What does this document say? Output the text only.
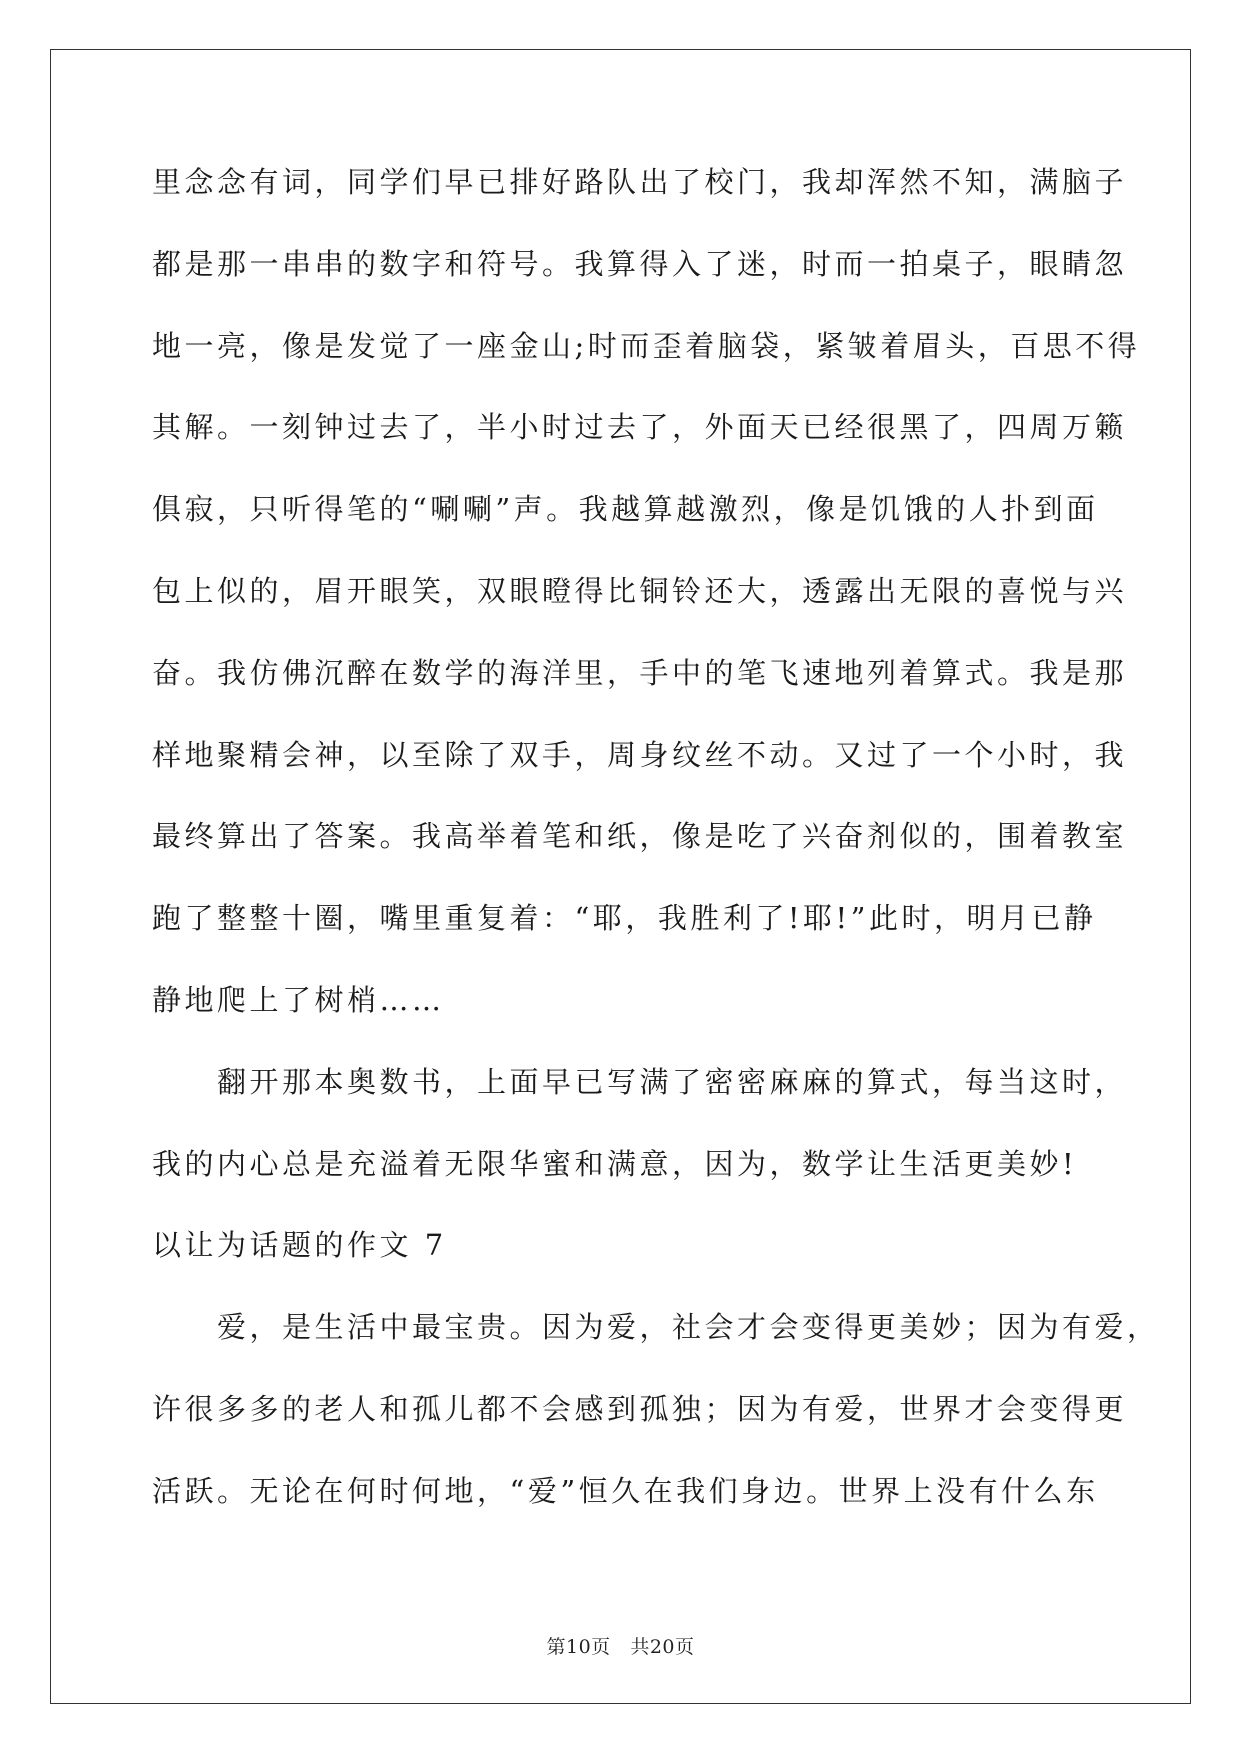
里念念有词，同学们早已排好路队出了校门，我却浑然不知，满脑子
都是那一串串的数字和符号。我算得入了迷，时而一拍桌子，眼睛忽
地一亮，像是发觉了一座金山;时而歪着脑袋，紧皱着眉头，百思不得
其解。一刻钟过去了，半小时过去了，外面天已经很黑了，四周万籁
俱寂，只听得笔的“唰唰”声。我越算越激烈，像是饥饿的人扑到面
包上似的，眉开眼笑，双眼瞪得比铜铃还大，透露出无限的喜悦与兴
奋。我仿佛沉醉在数学的海洋里，手中的笔飞速地列着算式。我是那
样地聚精会神，以至除了双手，周身纹丝不动。又过了一个小时，我
最终算出了答案。我高举着笔和纸，像是吃了兴奋剂似的，围着教室
跑了整整十圈，嘴里重复着：“耶，我胜利了!耶!”此时，明月已静
静地爬上了树梢……
翻开那本奥数书，上面早已写满了密密麻麻的算式，每当这时，
我的内心总是充溢着无限华蜜和满意，因为，数学让生活更美妙!
以让为话题的作文 7
爱，是生活中最宝贵。因为爱，社会才会变得更美妙；因为有爱，
许很多多的老人和孤儿都不会感到孤独；因为有爱，世界才会变得更
活跃。无论在何时何地，“爱”恒久在我们身边。世界上没有什么东
第10页 共20页
